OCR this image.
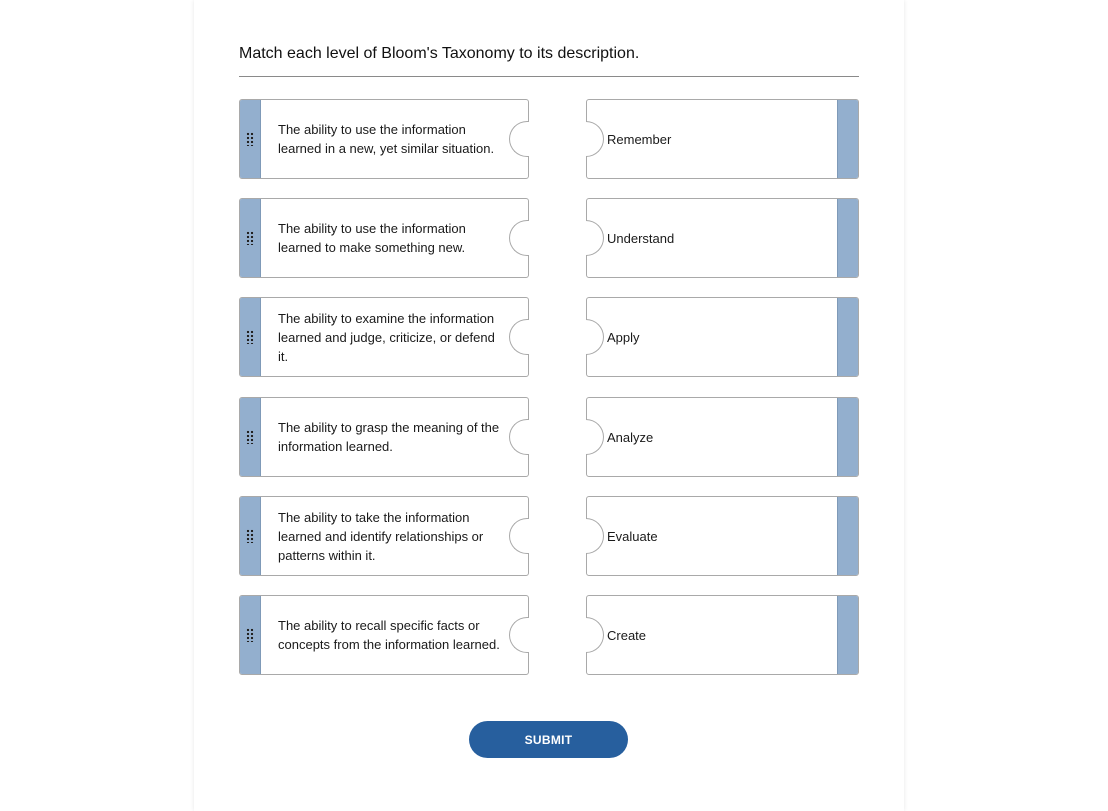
Match each level of Bloom's Taxonomy to its description.
The ability to use the information learned in a new, yet similar situation.
Remember
The ability to use the information learned to make something new.
Understand
The ability to examine the information learned and judge, criticize, or defend it.
Apply
The ability to grasp the meaning of the information learned.
Analyze
The ability to take the information learned and identify relationships or patterns within it.
Evaluate
The ability to recall specific facts or concepts from the information learned.
Create
SUBMIT
